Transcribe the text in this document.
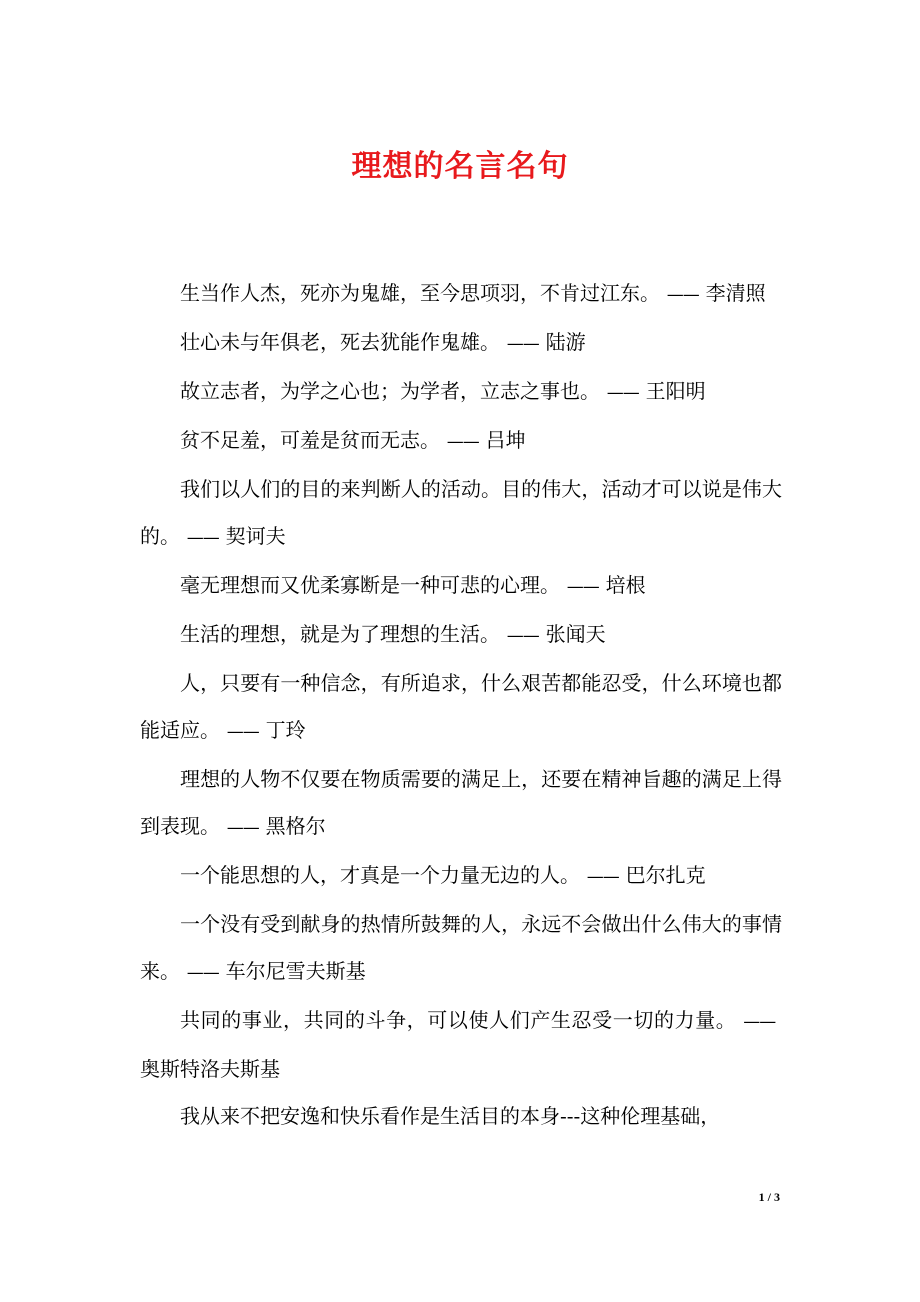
理想的名言名句

生当作人杰，死亦为鬼雄，至今思项羽，不肯过江东。 —— 李清照

壮心未与年俱老，死去犹能作鬼雄。 —— 陆游

故立志者，为学之心也；为学者，立志之事也。 —— 王阳明

贫不足羞，可羞是贫而无志。 —— 吕坤

我们以人们的目的来判断人的活动。目的伟大，活动才可以说是伟大的。 —— 契诃夫

毫无理想而又优柔寡断是一种可悲的心理。 —— 培根

生活的理想，就是为了理想的生活。 —— 张闻天

人，只要有一种信念，有所追求，什么艰苦都能忍受，什么环境也都能适应。 —— 丁玲

理想的人物不仅要在物质需要的满足上，还要在精神旨趣的满足上得到表现。 —— 黑格尔

一个能思想的人，才真是一个力量无边的人。 —— 巴尔扎克

一个没有受到献身的热情所鼓舞的人，永远不会做出什么伟大的事情来。 —— 车尔尼雪夫斯基

共同的事业，共同的斗争，可以使人们产生忍受一切的力量。 ——奥斯特洛夫斯基

我从来不把安逸和快乐看作是生活目的本身---这种伦理基础，

1 / 3
